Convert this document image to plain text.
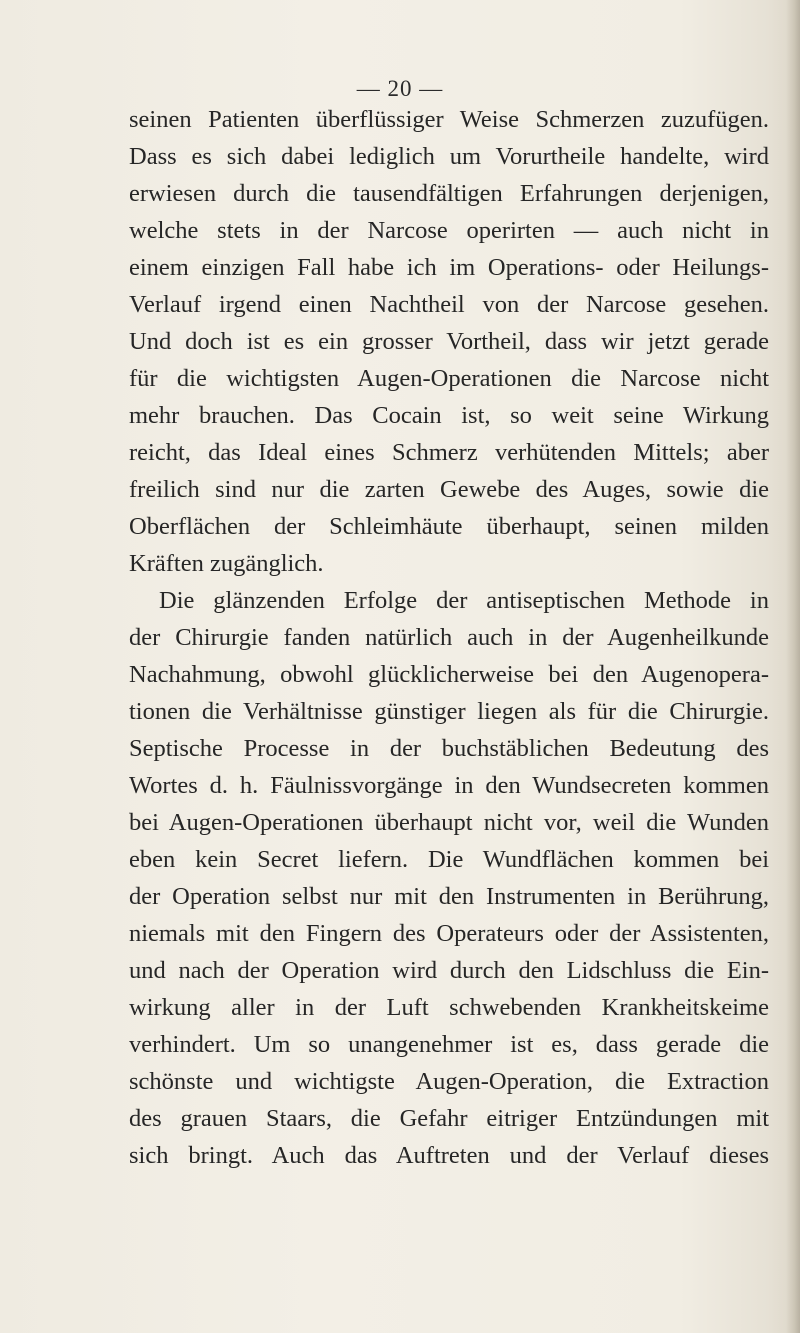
— 20 —
seinen Patienten überflüssiger Weise Schmerzen zuzufügen.
Dass es sich dabei lediglich um Vorurtheile handelte, wird
erwiesen durch die tausendfältigen Erfahrungen derjenigen,
welche stets in der Narcose operirten — auch nicht in
einem einzigen Fall habe ich im Operations- oder Heilungs-
Verlauf irgend einen Nachtheil von der Narcose gesehen.
Und doch ist es ein grosser Vortheil, dass wir jetzt gerade
für die wichtigsten Augen-Operationen die Narcose nicht
mehr brauchen. Das Cocain ist, so weit seine Wirkung
reicht, das Ideal eines Schmerz verhütenden Mittels; aber
freilich sind nur die zarten Gewebe des Auges, sowie die
Oberflächen der Schleimhäute überhaupt, seinen milden
Kräften zugänglich.
Die glänzenden Erfolge der antiseptischen Methode in
der Chirurgie fanden natürlich auch in der Augenheilkunde
Nachahmung, obwohl glücklicherweise bei den Augenopera-
tionen die Verhältnisse günstiger liegen als für die Chirurgie.
Septische Processe in der buchstäblichen Bedeutung des
Wortes d. h. Fäulnissvorgänge in den Wundsecreten kommen
bei Augen-Operationen überhaupt nicht vor, weil die Wunden
eben kein Secret liefern. Die Wundflächen kommen bei
der Operation selbst nur mit den Instrumenten in Berührung,
niemals mit den Fingern des Operateurs oder der Assistenten,
und nach der Operation wird durch den Lidschluss die Ein-
wirkung aller in der Luft schwebenden Krankheitskeime
verhindert. Um so unangenehmer ist es, dass gerade die
schönste und wichtigste Augen-Operation, die Extraction
des grauen Staars, die Gefahr eitriger Entzündungen mit
sich bringt. Auch das Auftreten und der Verlauf dieses
